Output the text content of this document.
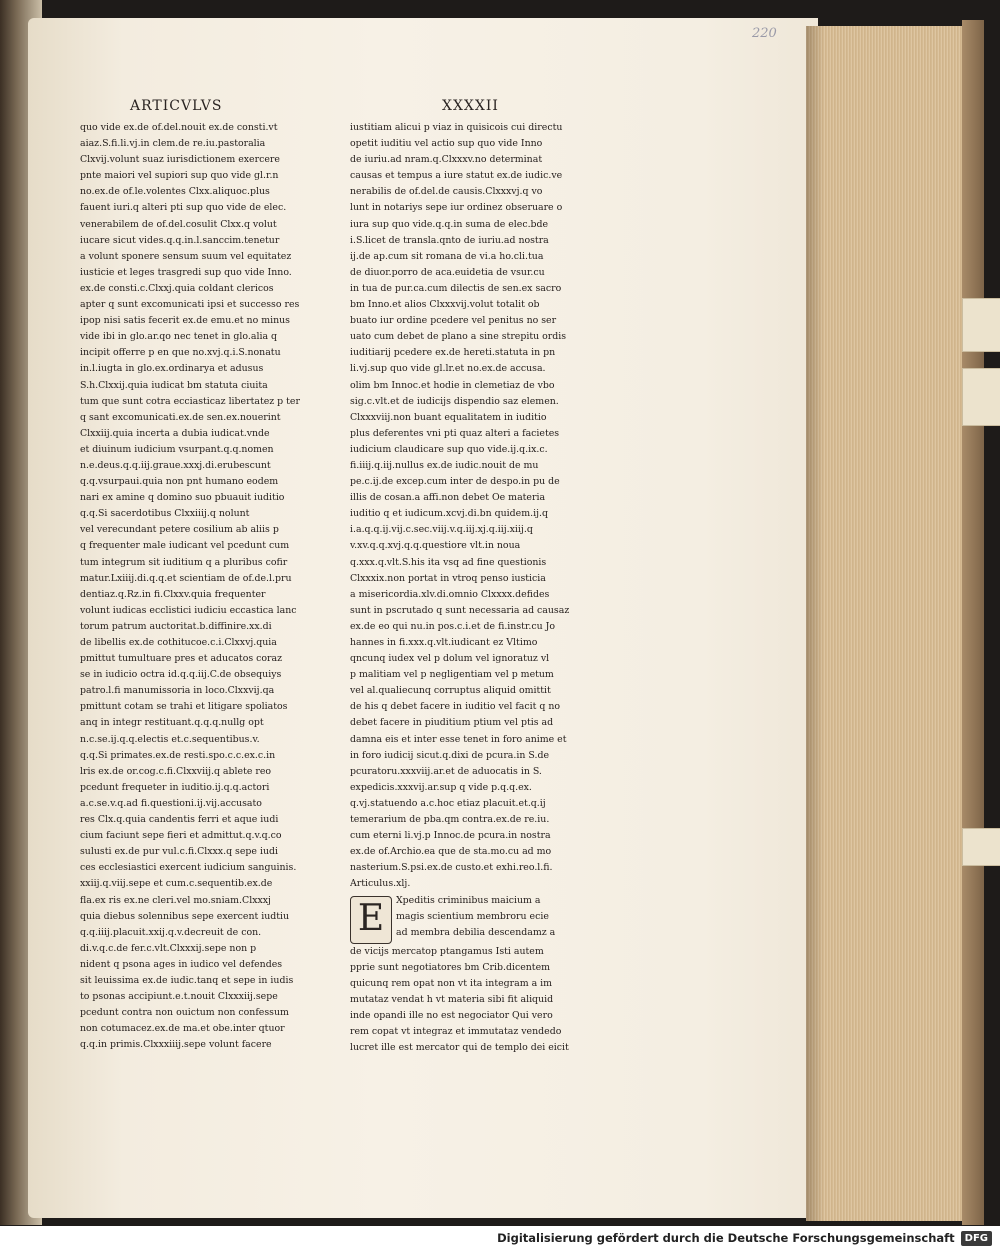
220
ARTICVLVS	XXXXII
quo vide ex.de of.del.nouit ex.de consti.vt
aiaz.S.fi.li.vj.in clem.de re.iu.pastoralia
Clxvij.volunt suaz iurisdictionem exercere
pnte maiori vel supiori sup quo vide gl.r.n
no.ex.de of.le.volentes Clxx.aliquoc.plus
fauent iuri.q alteri pti sup quo vide de elec.
venerabilem de of.del.cosulit Clxx.q volut
iucare sicut vides.q.q.in.l.sanccim.tenetur
a volunt sponere sensum suum vel equitatez
iusticie et leges trasgredi sup quo vide Inno.
ex.de consti.c.Clxxj.quia coldant clericos
apter q sunt excomunicati ipsi et successo res
ipop nisi satis fecerit ex.de emu.et no minus
vide ibi in glo.ar.qo nec tenet in glo.alia q
incipit offerre p en que no.xvj.q.i.S.nonatu
in.l.iugta in glo.ex.ordinarya et adusus
S.h.Clxxij.quia iudicat bm statuta ciuita
tum que sunt cotra ecciasticaz libertatez p ter
q sant excomunicati.ex.de sen.ex.nouerint
Clxxiij.quia incerta a dubia iudicat.vnde
et diuinum iudicium vsurpant.q.q.nomen
n.e.deus.q.q.iij.graue.xxxj.di.erubescunt
q.q.vsurpaui.quia non pnt humano eodem
nari ex amine q domino suo pbuauit iuditio
q.q.Si sacerdotibus Clxxiiij.q nolunt
vel verecundant petere cosilium ab aliis p
q frequenter male iudicant vel pcedunt cum
tum integrum sit iuditium q a pluribus cofir
matur.Lxiiij.di.q.q.et scientiam de of.de.l.pru
dentiaz.q.Rz.in fi.Clxxv.quia frequenter
volunt iudicas ecclistici iudiciu eccastica lanc
torum patrum auctoritat.b.diffinire.xx.di
de libellis ex.de cothitucoe.c.i.Clxxvj.quia
pmittut tumultuare pres et aducatos coraz
se in iudicio octra id.q.q.iij.C.de obsequiys
patro.l.fi manumissoria in loco.Clxxvij.qa
pmittunt cotam se trahi et litigare spoliatos
anq in integr restituant.q.q.q.nullg opt
n.c.se.ij.q.q.electis et.c.sequentibus.v.
q.q.Si primates.ex.de resti.spo.c.c.ex.c.in
lris ex.de or.cog.c.fi.Clxxviij.q ablete reo
pcedunt frequeter in iuditio.ij.q.q.actori
a.c.se.v.q.ad fi.questioni.ij.vij.accusato
res Clx.q.quia candentis ferri et aque iudi
cium faciunt sepe fieri et admittut.q.v.q.co
sulusti ex.de pur vul.c.fi.Clxxx.q sepe iudi
ces ecclesiastici exercent iudicium sanguinis.
xxiij.q.viij.sepe et cum.c.sequentib.ex.de
fla.ex ris ex.ne cleri.vel mo.sniam.Clxxxj
quia diebus solennibus sepe exercent iudtiu
q.q.iiij.placuit.xxij.q.v.decreuit de con.
di.v.q.c.de fer.c.vlt.Clxxxij.sepe non p
nident q psona ages in iudico vel defendes
sit leuissima ex.de iudic.tanq et sepe in iudis
to psonas accipiunt.e.t.nouit Clxxxiij.sepe
pcedunt contra non ouictum non confessum
non cotumacez.ex.de ma.et obe.inter qtuor
q.q.in primis.Clxxxiiij.sepe volunt facere
iustitiam alicui p viaz in quisicois cui directu
opetit iuditiu vel actio sup quo vide Inno
de iuriu.ad nram.q.Clxxxv.no determinat
causas et tempus a iure statut ex.de iudic.ve
nerabilis de of.del.de causis.Clxxxvj.q vo
lunt in notariys sepe iur ordinez obseruare o
iura sup quo vide.q.q.in suma de elec.bde
i.S.licet de transla.qnto de iuriu.ad nostra
ij.de ap.cum sit romana de vi.a ho.cli.tua
de diuor.porro de aca.euidetia de vsur.cu
in tua de pur.ca.cum dilectis de sen.ex sacro
bm Inno.et alios Clxxxvij.volut totalit ob
buato iur ordine pcedere vel penitus no ser
uato cum debet de plano a sine strepitu ordis
iuditiarij pcedere ex.de hereti.statuta in pn
li.vj.sup quo vide gl.lr.et no.ex.de accusa.
olim bm Innoc.et hodie in clemetiaz de vbo
sig.c.vlt.et de iudicijs dispendio saz elemen.
Clxxxviij.non buant equalitatem in iuditio
plus deferentes vni pti quaz alteri a facietes
iudicium claudicare sup quo vide.ij.q.ix.c.
fi.iiij.q.iij.nullus ex.de iudic.nouit de mu
pe.c.ij.de excep.cum inter de despo.in pu de
illis de cosan.a affi.non debet Oe materia
iuditio q et iudicum.xcvj.di.bn quidem.ij.q
i.a.q.q.ij.vij.c.sec.viij.v.q.iij.xj.q.iij.xiij.q
v.xv.q.q.xvj.q.q.questiore vlt.in noua
q.xxx.q.vlt.S.his ita vsq ad fine questionis
Clxxxix.non portat in vtroq penso iusticia
a misericordia.xlv.di.omnio Clxxxx.defides
sunt in pscrutado q sunt necessaria ad causaz
ex.de eo qui nu.in pos.c.i.et de fi.instr.cu Jo
hannes in fi.xxx.q.vlt.iudicant ez Vltimo
qncunq iudex vel p dolum vel ignoratuz vl
p malitiam vel p negligentiam vel p metum
vel al.qualiecunq corruptus aliquid omittit
de his q debet facere in iuditio vel facit q no
debet facere in piuditium ptium vel ptis ad
damna eis et inter esse tenet in foro anime et
in foro iudicij sicut.q.dixi de pcura.in S.de
pcuratoru.xxxviij.ar.et de aduocatis in S.
expedicis.xxxvij.ar.sup q vide p.q.q.ex.
q.vj.statuendo a.c.hoc etiaz placuit.et.q.ij
temerarium de pba.qm contra.ex.de re.iu.
cum eterni li.vj.p Innoc.de pcura.in nostra
ex.de of.Archio.ea que de sta.mo.cu ad mo
nasterium.S.psi.ex.de custo.et exhi.reo.l.fi.
Articulus.xlj.
E	Xpeditis criminibus maicium a
magis scientium membroru ecie
ad membra debilia descendamz a
de vicijs mercatop ptangamus Isti autem
pprie sunt negotiatores bm Crib.dicentem
quicunq rem opat non vt ita integram a im
mutataz vendat h vt materia sibi fit aliquid
inde opandi ille no est negociator Qui vero
rem copat vt integraz et immutataz vendedo
lucret ille est mercator qui de templo dei eicit
Digitalisierung gefördert durch die Deutsche Forschungsgemeinschaft	DFG
